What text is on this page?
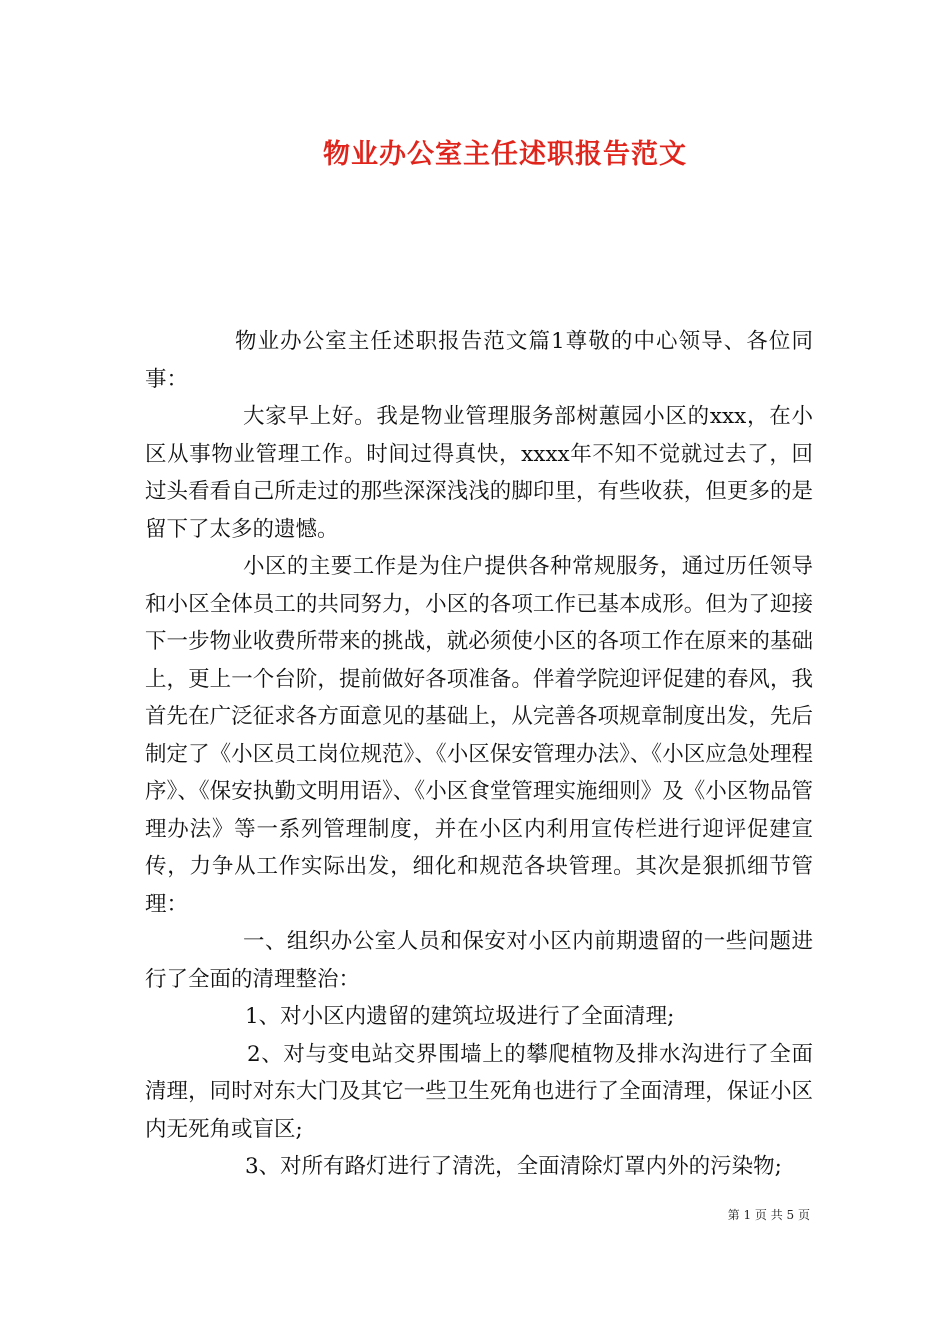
物业办公室主任述职报告范文

物业办公室主任述职报告范文篇1尊敬的中心领导、各位同事：

大家早上好。我是物业管理服务部树蕙园小区的xxx，在小区从事物业管理工作。时间过得真快，xxxx年不知不觉就过去了，回过头看看自己所走过的那些深深浅浅的脚印里，有些收获，但更多的是留下了太多的遗憾。

小区的主要工作是为住户提供各种常规服务，通过历任领导和小区全体员工的共同努力，小区的各项工作已基本成形。但为了迎接下一步物业收费所带来的挑战，就必须使小区的各项工作在原来的基础上，更上一个台阶，提前做好各项准备。伴着学院迎评促建的春风，我首先在广泛征求各方面意见的基础上，从完善各项规章制度出发，先后制定了《小区员工岗位规范》、《小区保安管理办法》、《小区应急处理程序》、《保安执勤文明用语》、《小区食堂管理实施细则》及《小区物品管理办法》等一系列管理制度，并在小区内利用宣传栏进行迎评促建宣传，力争从工作实际出发，细化和规范各块管理。其次是狠抓细节管理：

一、组织办公室人员和保安对小区内前期遗留的一些问题进行了全面的清理整治：

1、对小区内遗留的建筑垃圾进行了全面清理;

2、对与变电站交界围墙上的攀爬植物及排水沟进行了全面清理，同时对东大门及其它一些卫生死角也进行了全面清理，保证小区内无死角或盲区;

3、对所有路灯进行了清洗，全面清除灯罩内外的污染物;

第 1 页 共 5 页
